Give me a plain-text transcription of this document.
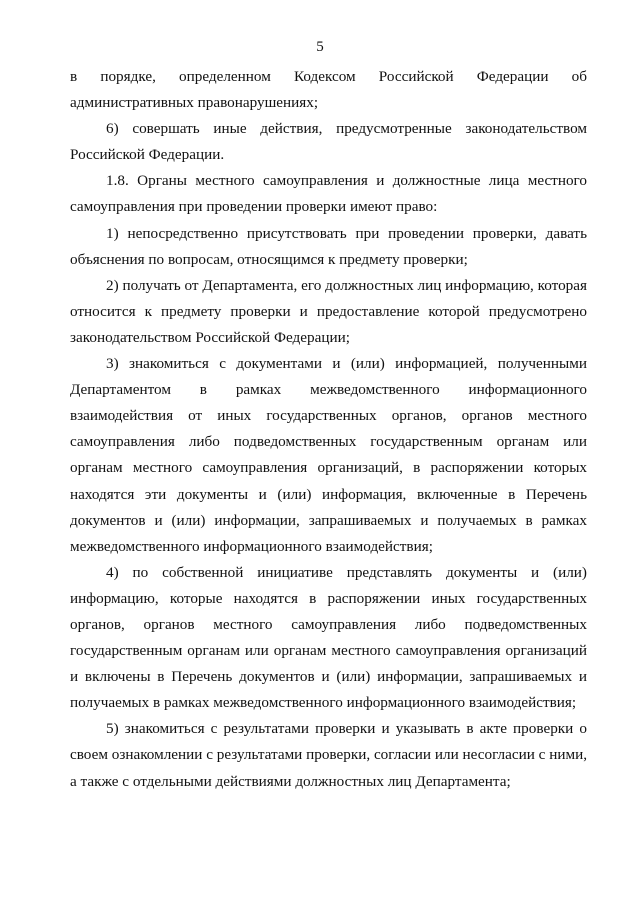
5

в порядке, определенном Кодексом Российской Федерации об административных правонарушениях;

6) совершать иные действия, предусмотренные законодательством Российской Федерации.

1.8. Органы местного самоуправления и должностные лица местного самоуправления при проведении проверки имеют право:

1) непосредственно присутствовать при проведении проверки, давать объяснения по вопросам, относящимся к предмету проверки;

2) получать от Департамента, его должностных лиц информацию, которая относится к предмету проверки и предоставление которой предусмотрено законодательством Российской Федерации;

3) знакомиться с документами и (или) информацией, полученными Департаментом в рамках межведомственного информационного взаимодействия от иных государственных органов, органов местного самоуправления либо подведомственных государственным органам или органам местного самоуправления организаций, в распоряжении которых находятся эти документы и (или) информация, включенные в Перечень документов и (или) информации, запрашиваемых и получаемых в рамках межведомственного информационного взаимодействия;

4) по собственной инициативе представлять документы и (или) информацию, которые находятся в распоряжении иных государственных органов, органов местного самоуправления либо подведомственных государственным органам или органам местного самоуправления организаций и включены в Перечень документов и (или) информации, запрашиваемых и получаемых в рамках межведомственного информационного взаимодействия;

5) знакомиться с результатами проверки и указывать в акте проверки о своем ознакомлении с результатами проверки, согласии или несогласии с ними, а также с отдельными действиями должностных лиц Департамента;
